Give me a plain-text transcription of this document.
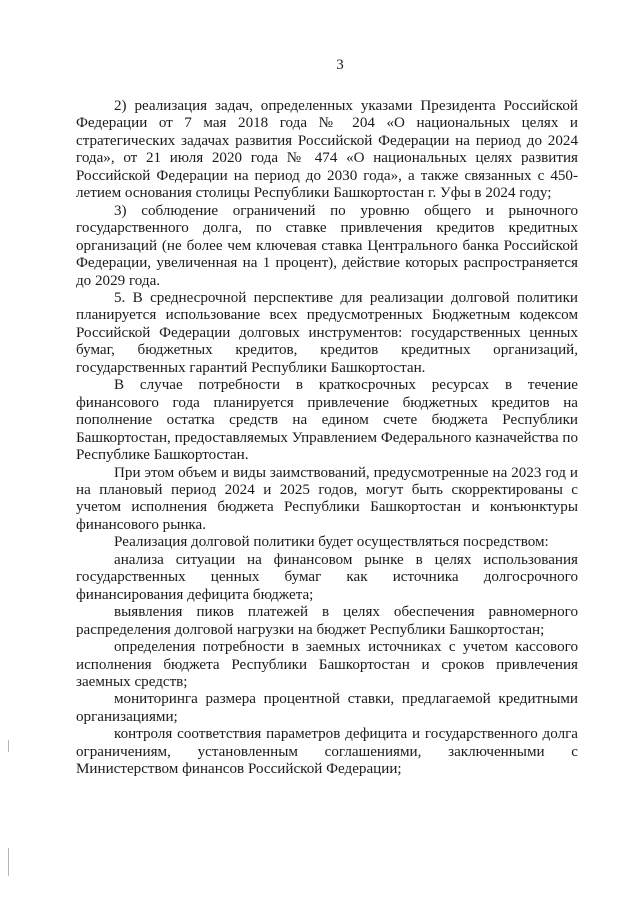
3

2) реализация задач, определенных указами Президента Российской Федерации от 7 мая 2018 года № 204 «О национальных целях и стратегических задачах развития Российской Федерации на период до 2024 года», от 21 июля 2020 года № 474 «О национальных целях развития Российской Федерации на период до 2030 года», а также связанных с 450-летием основания столицы Республики Башкортостан г. Уфы в 2024 году;

3) соблюдение ограничений по уровню общего и рыночного государственного долга, по ставке привлечения кредитов кредитных организаций (не более чем ключевая ставка Центрального банка Российской Федерации, увеличенная на 1 процент), действие которых распространяется до 2029 года.

5. В среднесрочной перспективе для реализации долговой политики планируется использование всех предусмотренных Бюджетным кодексом Российской Федерации долговых инструментов: государственных ценных бумаг, бюджетных кредитов, кредитов кредитных организаций, государственных гарантий Республики Башкортостан.

В случае потребности в краткосрочных ресурсах в течение финансового года планируется привлечение бюджетных кредитов на пополнение остатка средств на едином счете бюджета Республики Башкортостан, предоставляемых Управлением Федерального казначейства по Республике Башкортостан.

При этом объем и виды заимствований, предусмотренные на 2023 год и на плановый период 2024 и 2025 годов, могут быть скорректированы с учетом исполнения бюджета Республики Башкортостан и конъюнктуры финансового рынка.

Реализация долговой политики будет осуществляться посредством:

анализа ситуации на финансовом рынке в целях использования государственных ценных бумаг как источника долгосрочного финансирования дефицита бюджета;

выявления пиков платежей в целях обеспечения равномерного распределения долговой нагрузки на бюджет Республики Башкортостан;

определения потребности в заемных источниках с учетом кассового исполнения бюджета Республики Башкортостан и сроков привлечения заемных средств;

мониторинга размера процентной ставки, предлагаемой кредитными организациями;

контроля соответствия параметров дефицита и государственного долга ограничениям, установленным соглашениями, заключенными с Министерством финансов Российской Федерации;
